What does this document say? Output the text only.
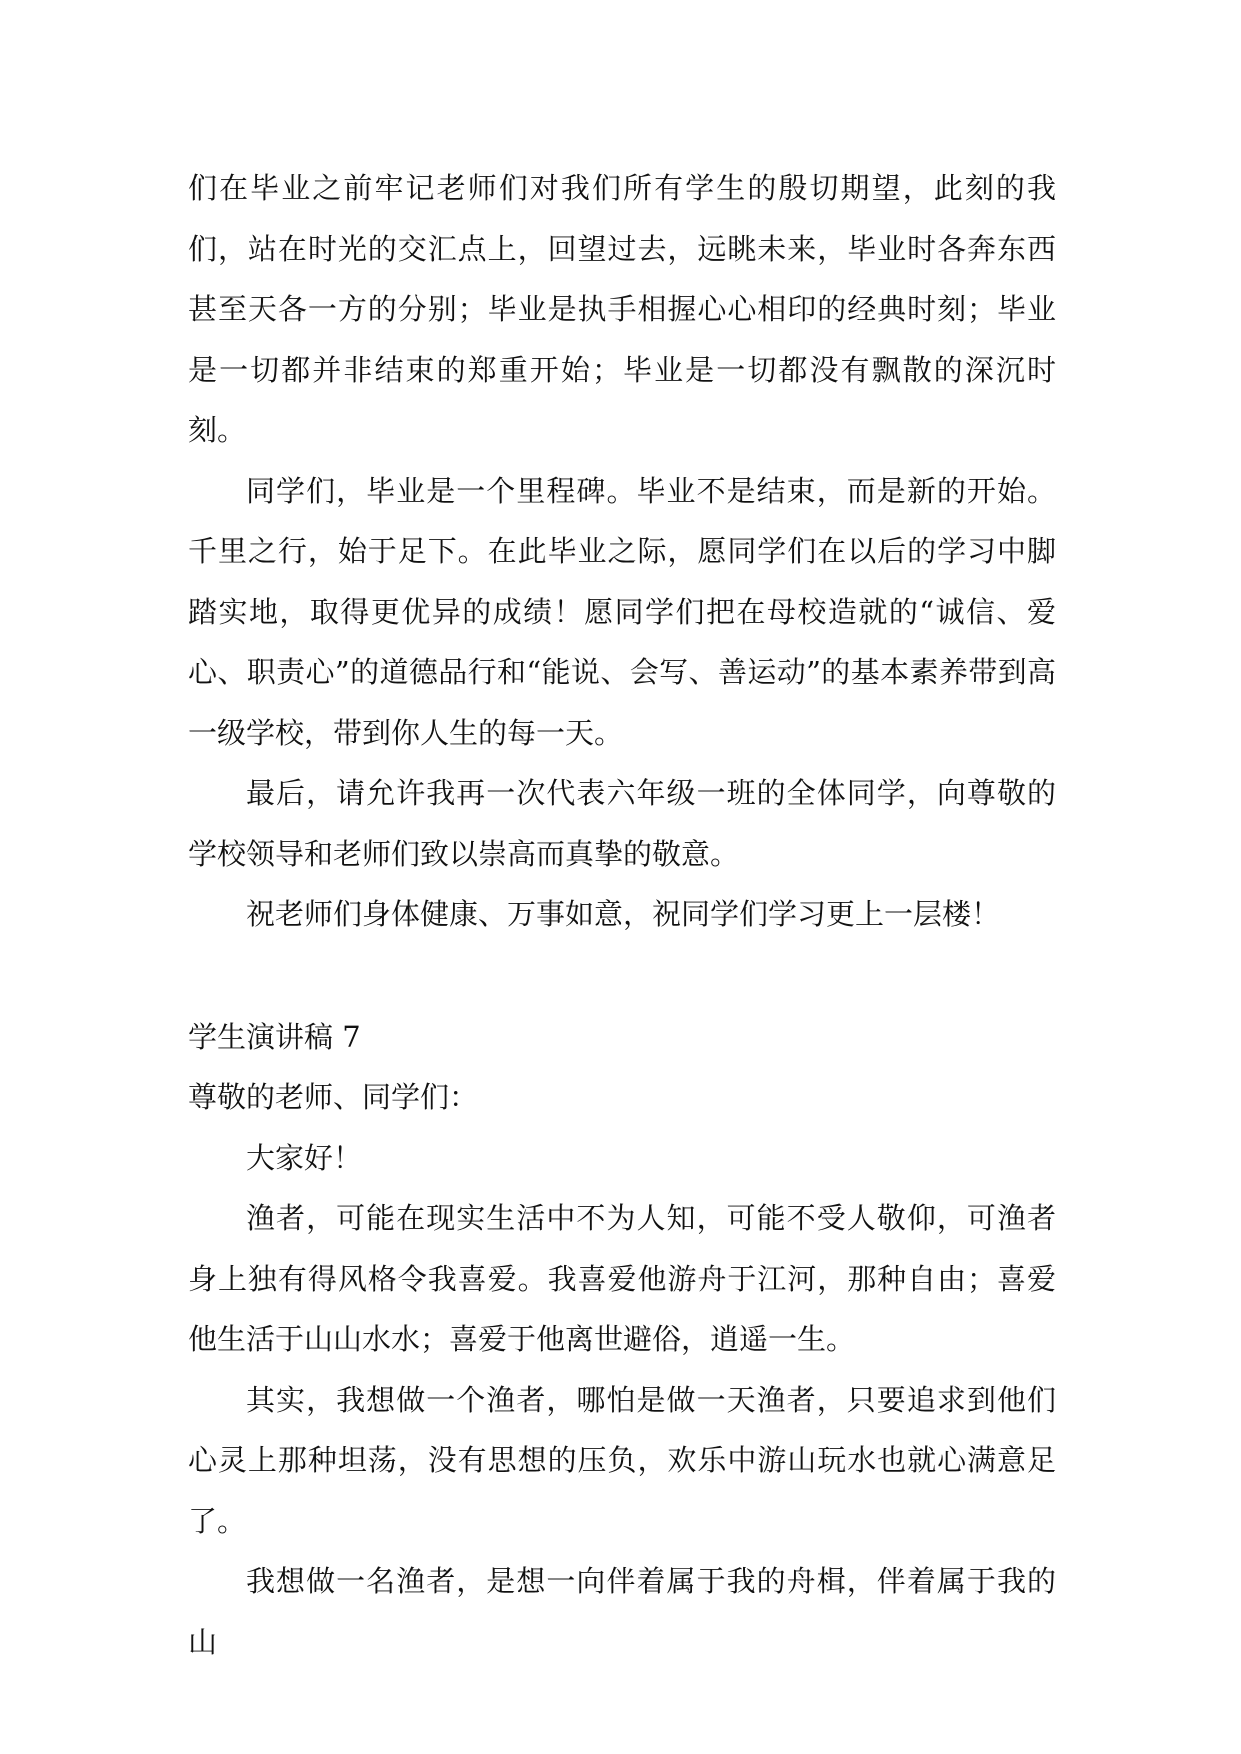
们在毕业之前牢记老师们对我们所有学生的殷切期望，此刻的我们，站在时光的交汇点上，回望过去，远眺未来，毕业时各奔东西甚至天各一方的分别；毕业是执手相握心心相印的经典时刻；毕业是一切都并非结束的郑重开始；毕业是一切都没有飘散的深沉时刻。

同学们，毕业是一个里程碑。毕业不是结束，而是新的开始。千里之行，始于足下。在此毕业之际，愿同学们在以后的学习中脚踏实地，取得更优异的成绩！愿同学们把在母校造就的“诚信、爱心、职责心”的道德品行和“能说、会写、善运动”的基本素养带到高一级学校，带到你人生的每一天。

最后，请允许我再一次代表六年级一班的全体同学，向尊敬的学校领导和老师们致以崇高而真挚的敬意。

祝老师们身体健康、万事如意，祝同学们学习更上一层楼！

学生演讲稿 7

尊敬的老师、同学们：

大家好！

渔者，可能在现实生活中不为人知，可能不受人敬仰，可渔者身上独有得风格令我喜爱。我喜爱他游舟于江河，那种自由；喜爱他生活于山山水水；喜爱于他离世避俗，逍遥一生。

其实，我想做一个渔者，哪怕是做一天渔者，只要追求到他们心灵上那种坦荡，没有思想的压负，欢乐中游山玩水也就心满意足了。

我想做一名渔者，是想一向伴着属于我的舟楫，伴着属于我的山
